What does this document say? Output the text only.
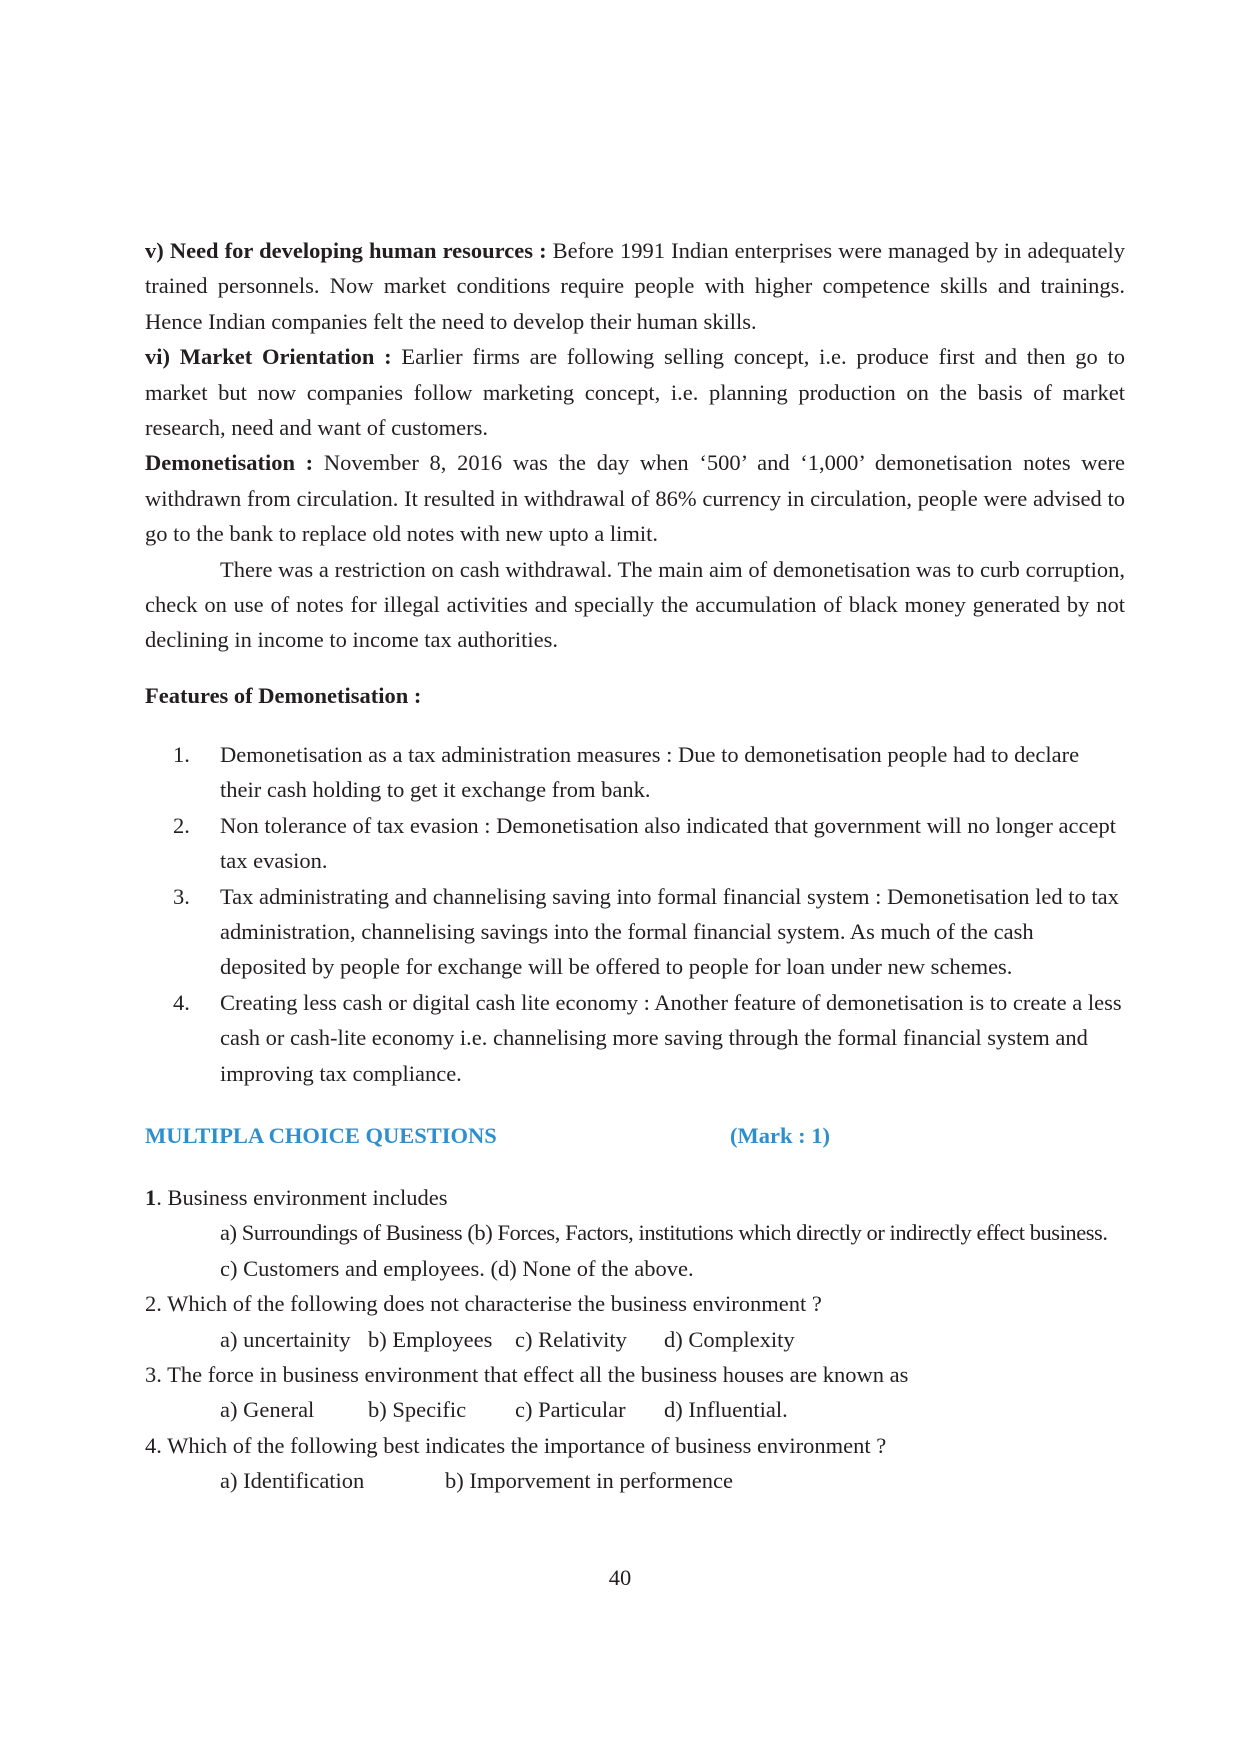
v) Need for developing human resources : Before 1991 Indian enterprises were managed by in adequately trained personnels. Now market conditions require people with higher competence skills and trainings. Hence Indian companies felt the need to develop their human skills.

vi) Market Orientation : Earlier firms are following selling concept, i.e. produce first and then go to market but now companies follow marketing concept, i.e. planning production on the basis of market research, need and want of customers.

Demonetisation : November 8, 2016 was the day when ‘500’ and ‘1,000’ demonetisation notes were withdrawn from circulation. It resulted in withdrawal of 86% currency in circulation, people were advised to go to the bank to replace old notes with new upto a limit.

There was a restriction on cash withdrawal. The main aim of demonetisation was to curb corruption, check on use of notes for illegal activities and specially the accumulation of black money generated by not declining in income to income tax authorities.

Features of Demonetisation :
1. Demonetisation as a tax administration measures : Due to demonetisation people had to declare their cash holding to get it exchange from bank.
2. Non tolerance of tax evasion : Demonetisation also indicated that government will no longer accept tax evasion.
3. Tax administrating and channelising saving into formal financial system : Demonetisation led to tax administration, channelising savings into the formal financial system. As much of the cash deposited by people for exchange will be offered to people for loan under new schemes.
4. Creating less cash or digital cash lite economy : Another feature of demonetisation is to create a less cash or cash-lite economy i.e. channelising more saving through the formal financial system and improving tax compliance.
MULTIPLA CHOICE QUESTIONS	(Mark : 1)

1. Business environment includes

a) Surroundings of Business (b) Forces, Factors, institutions which directly or indirectly effect business.

c) Customers and employees. (d) None of the above.

2. Which of the following does not characterise the business environment ?

a) uncertainity b) Employees c) Relativity d) Complexity

3. The force in business environment that effect all the business houses are known as

a) General b) Specific c) Particular d) Influential.

4. Which of the following best indicates the importance of business environment ?

a) Identification	b) Imporvement in performence

40
